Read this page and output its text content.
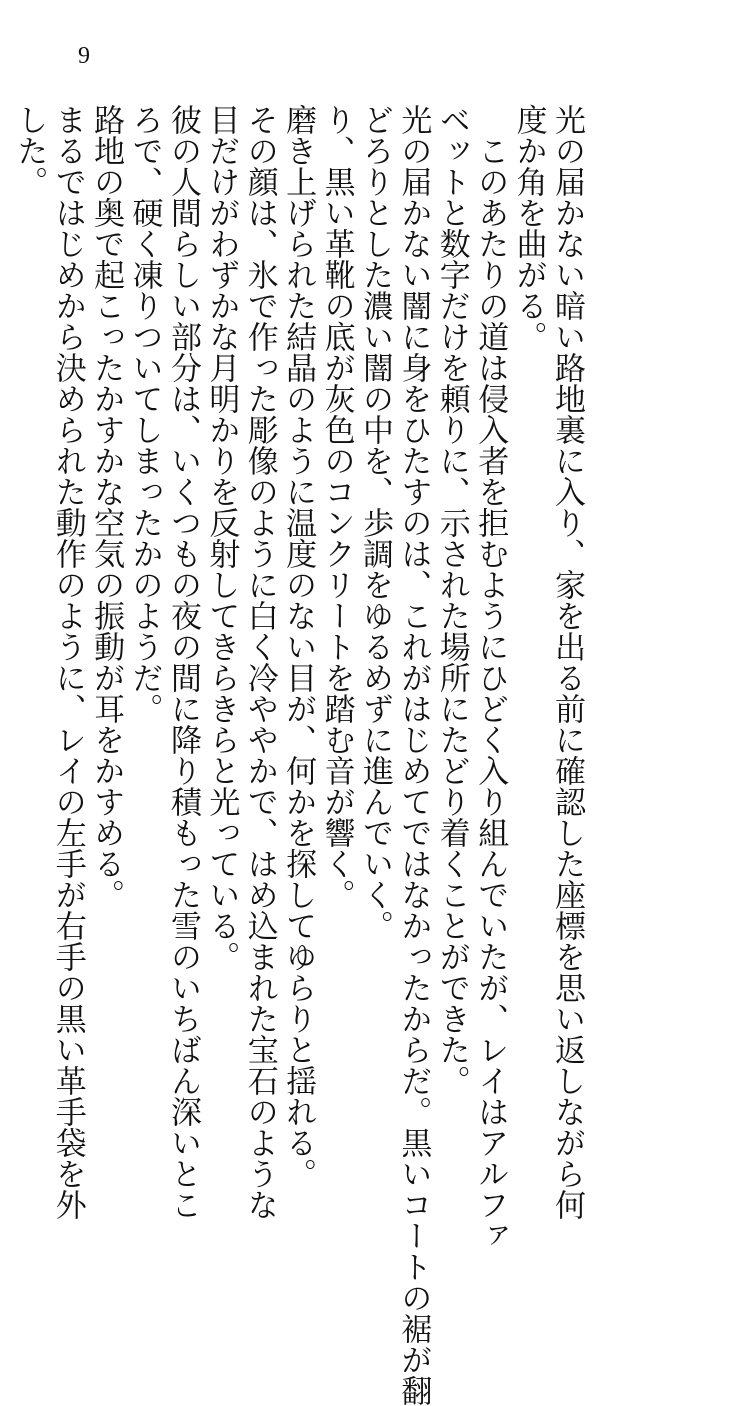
9
光の届かない暗い路地裏に入り、家を出る前に確認した座標を思い返しながら何
度か角を曲がる。
　このあたりの道は侵入者を拒むようにひどく入り組んでいたが、レイはアルファ
ベットと数字だけを頼りに、示された場所にたどり着くことができた。
光の届かない闇に身をひたすのは、これがはじめてではなかったからだ。黒いコートの裾が翻
どろりとした濃い闇の中を、歩調をゆるめずに進んでいく。
り、黒い革靴の底が灰色のコンクリートを踏む音が響く。
磨き上げられた結晶のように温度のない目が、何かを探してゆらりと揺れる。
その顔は、氷で作った彫像のように白く冷ややかで、はめ込まれた宝石のような
目だけがわずかな月明かりを反射してきらきらと光っている。
彼の人間らしい部分は、いくつもの夜の間に降り積もった雪のいちばん深いとこ
ろで、硬く凍りついてしまったかのようだ。
路地の奥で起こったかすかな空気の振動が耳をかすめる。
まるではじめから決められた動作のように、レイの左手が右手の黒い革手袋を外
した。
